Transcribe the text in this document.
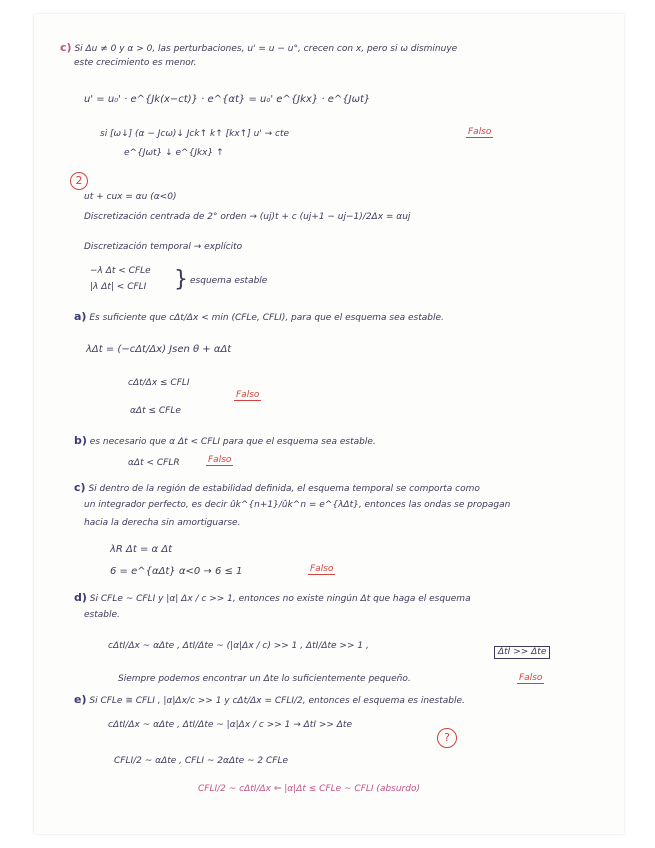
c) Si Δu ≠ 0 y α > 0, las perturbaciones, u' = u − u°, crecen con x, pero si ω disminuye
este crecimiento es menor.
u' = u₀' · e^{Jk(x−ct)} · e^{αt} = u₀' e^{Jkx} · e^{Jωt}
si [ω↓] (α − Jcω)↓ Jck↑ k↑ [kx↑] u' → cte	Falso
e^{Jωt} ↓ e^{Jkx} ↑
2
ut + cux = αu (α<0)
Discretización centrada de 2° orden → (uj)t + c (uj+1 − uj−1)/2Δx = αuj
Discretización temporal → explícito
−λ Δt < CFLe
|λ Δt| < CFLI } esquema estable
a) Es suficiente que cΔt/Δx < min (CFLe, CFLI), para que el esquema sea estable.
λΔt = (−cΔt/Δx) Jsen θ + αΔt
cΔt/Δx ≤ CFLI
Falso
αΔt ≤ CFLe
b) es necesario que α Δt < CFLI para que el esquema sea estable.
αΔt < CFLR	Falso
c) Si dentro de la región de estabilidad definida, el esquema temporal se comporta como
un integrador perfecto, es decir ûk^{n+1}/ûk^n = e^{λΔt}, entonces las ondas se propagan
hacia la derecha sin amortiguarse.
λR Δt = α Δt
6 = e^{αΔt} α<0 → 6 ≤ 1	Falso
d) Si CFLe ~ CFLI y |α| Δx / c >> 1, entonces no existe ningún Δt que haga el esquema
estable.
cΔtI/Δx ~ αΔte , ΔtI/Δte ~ (|α|Δx / c) >> 1 , ΔtI/Δte >> 1 ,
ΔtI >> Δte
Siempre podemos encontrar un Δte lo suficientemente pequeño.	Falso
e) Si CFLe ≅ CFLI , |α|Δx/c >> 1 y cΔt/Δx = CFLI/2, entonces el esquema es inestable.
cΔtI/Δx ~ αΔte , ΔtI/Δte ~ |α|Δx / c >> 1 → ΔtI >> Δte
?
CFLI/2 ~ αΔte , CFLI ~ 2αΔte ~ 2 CFLe
CFLI/2 ~ cΔtI/Δx ⇐ |α|Δt ≤ CFLe ~ CFLI (absurdo)
